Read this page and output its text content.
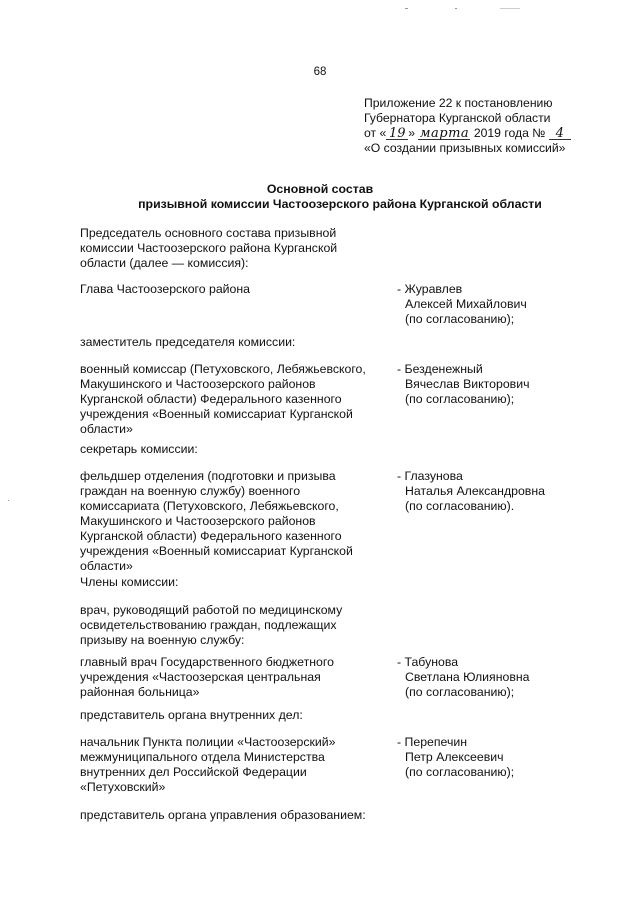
68
Приложение 22 к постановлению
Губернатора Курганской области
от « 19 » марта 2019 года № 4
«О создании призывных комиссий»
Основной состав
призывной комиссии Частоозерского района Курганской области
Председатель основного состава призывной
комиссии Частоозерского района Курганской
области (далее — комиссия):
Глава Частоозерского района	- Журавлев
Алексей Михайлович
(по согласованию);
заместитель председателя комиссии:
военный комиссар (Петуховского, Лебяжьевского,
Макушинского и Частоозерского районов
Курганской области) Федерального казенного
учреждения «Военный комиссариат Курганской
области»
- Безденежный
Вячеслав Викторович
(по согласованию);
секретарь комиссии:
фельдшер отделения (подготовки и призыва
граждан на военную службу) военного
комиссариата (Петуховского, Лебяжьевского,
Макушинского и Частоозерского районов
Курганской области) Федерального казенного
учреждения «Военный комиссариат Курганской
области»
- Глазунова
Наталья Александровна
(по согласованию).
Члены комиссии:
врач, руководящий работой по медицинскому
освидетельствованию граждан, подлежащих
призыву на военную службу:
главный врач Государственного бюджетного
учреждения «Частоозерская центральная
районная больница»
- Табунова
Светлана Юлияновна
(по согласованию);
представитель органа внутренних дел:
начальник Пункта полиции «Частоозерский»
межмуниципального отдела Министерства
внутренних дел Российской Федерации
«Петуховский»
- Перепечин
Петр Алексеевич
(по согласованию);
представитель органа управления образованием:
